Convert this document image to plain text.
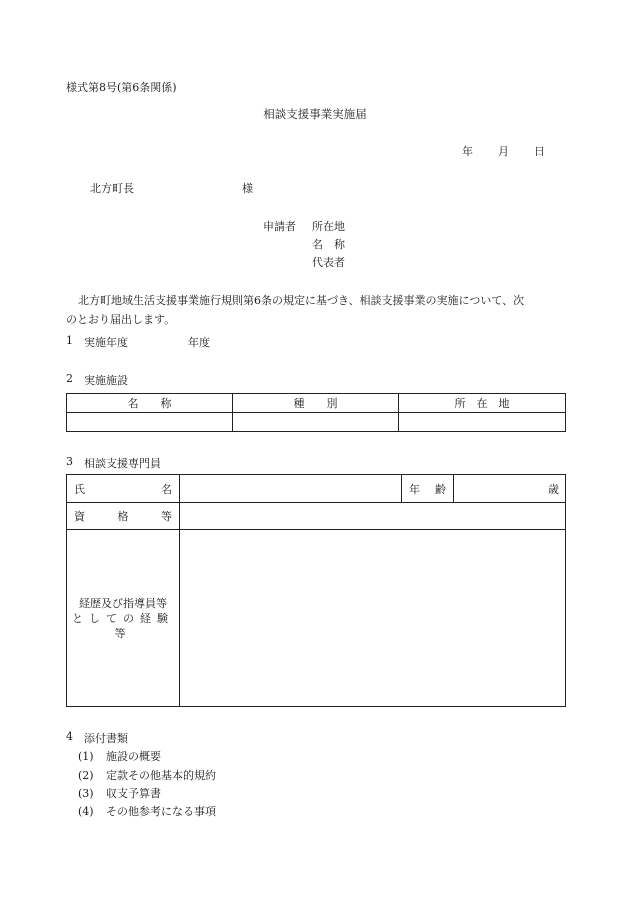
様式第8号(第6条関係)
相談支援事業実施届
年 月 日
北方町長	様
申請者 所在地
名　称
代表者
北方町地域生活支援事業施行規則第6条の規定に基づき、相談支援事業の実施について、次
のとおり届出します。
1 実施年度	年度
2 実施施設
名　　称	種　　別	所　在　地

3 相談支援専門員
氏 名		年 齢	歳

資 格 等			

経歴及び指導員等
としての経験等			

4 添付書類
(1) 施設の概要
(2) 定款その他基本的規約
(3) 収支予算書
(4) その他参考になる事項
